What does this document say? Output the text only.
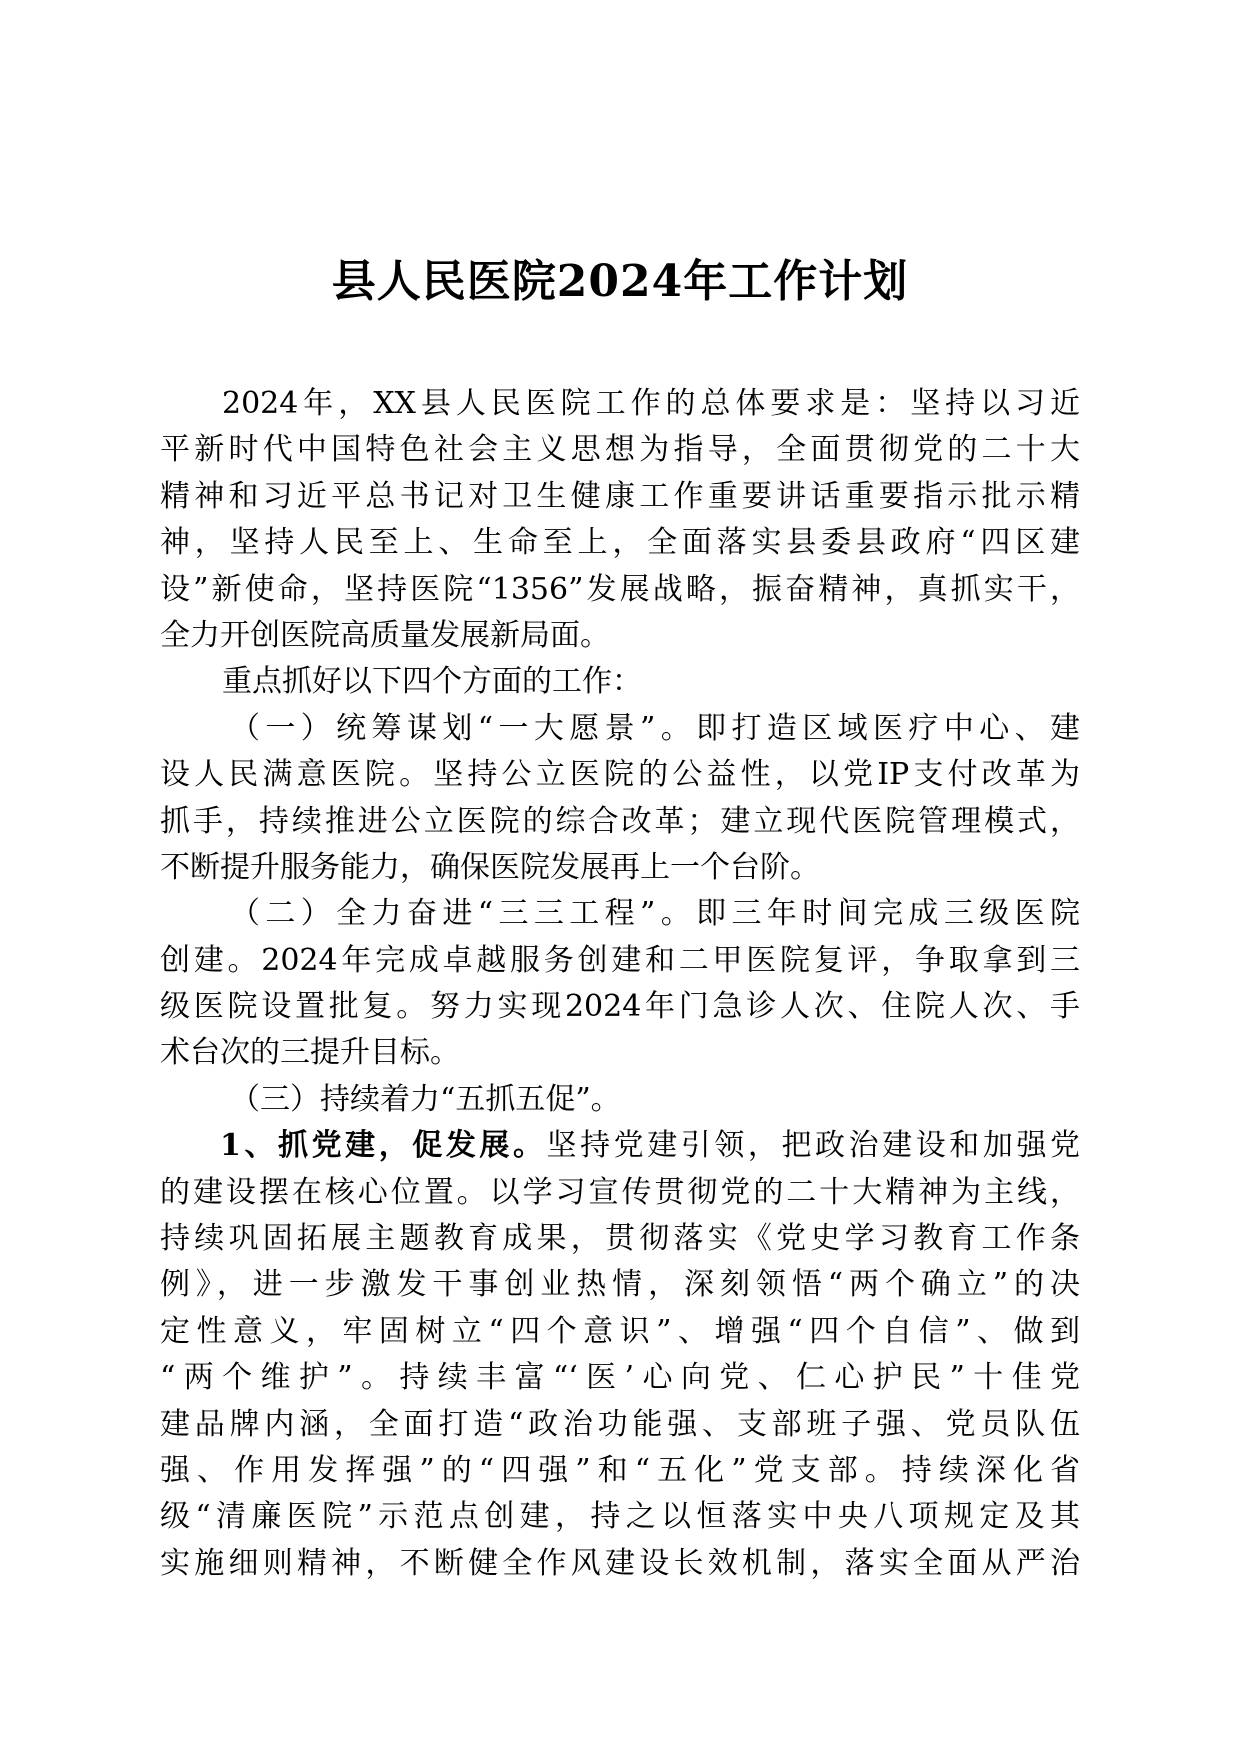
县人民医院2024年工作计划
2024年，XX县人民医院工作的总体要求是：坚持以习近
平新时代中国特色社会主义思想为指导，全面贯彻党的二十大
精神和习近平总书记对卫生健康工作重要讲话重要指示批示精
神，坚持人民至上、生命至上，全面落实县委县政府“四区建
设”新使命，坚持医院“1356”发展战略，振奋精神，真抓实干，
全力开创医院高质量发展新局面。
重点抓好以下四个方面的工作：
（一）统筹谋划“一大愿景”。即打造区域医疗中心、建
设人民满意医院。坚持公立医院的公益性，以党IP支付改革为
抓手，持续推进公立医院的综合改革；建立现代医院管理模式，
不断提升服务能力，确保医院发展再上一个台阶。
（二）全力奋进“三三工程”。即三年时间完成三级医院
创建。2024年完成卓越服务创建和二甲医院复评，争取拿到三
级医院设置批复。努力实现2024年门急诊人次、住院人次、手
术台次的三提升目标。
（三）持续着力“五抓五促”。
1、抓党建，促发展。坚持党建引领，把政治建设和加强党
的建设摆在核心位置。以学习宣传贯彻党的二十大精神为主线，
持续巩固拓展主题教育成果，贯彻落实《党史学习教育工作条
例》，进一步激发干事创业热情，深刻领悟“两个确立”的决
定性意义，牢固树立“四个意识”、增强“四个自信”、做到
“两个维护”。持续丰富“‘医’心向党、仁心护民”十佳党
建品牌内涵，全面打造“政治功能强、支部班子强、党员队伍
强、作用发挥强”的“四强”和“五化”党支部。持续深化省
级“清廉医院”示范点创建，持之以恒落实中央八项规定及其
实施细则精神，不断健全作风建设长效机制，落实全面从严治
